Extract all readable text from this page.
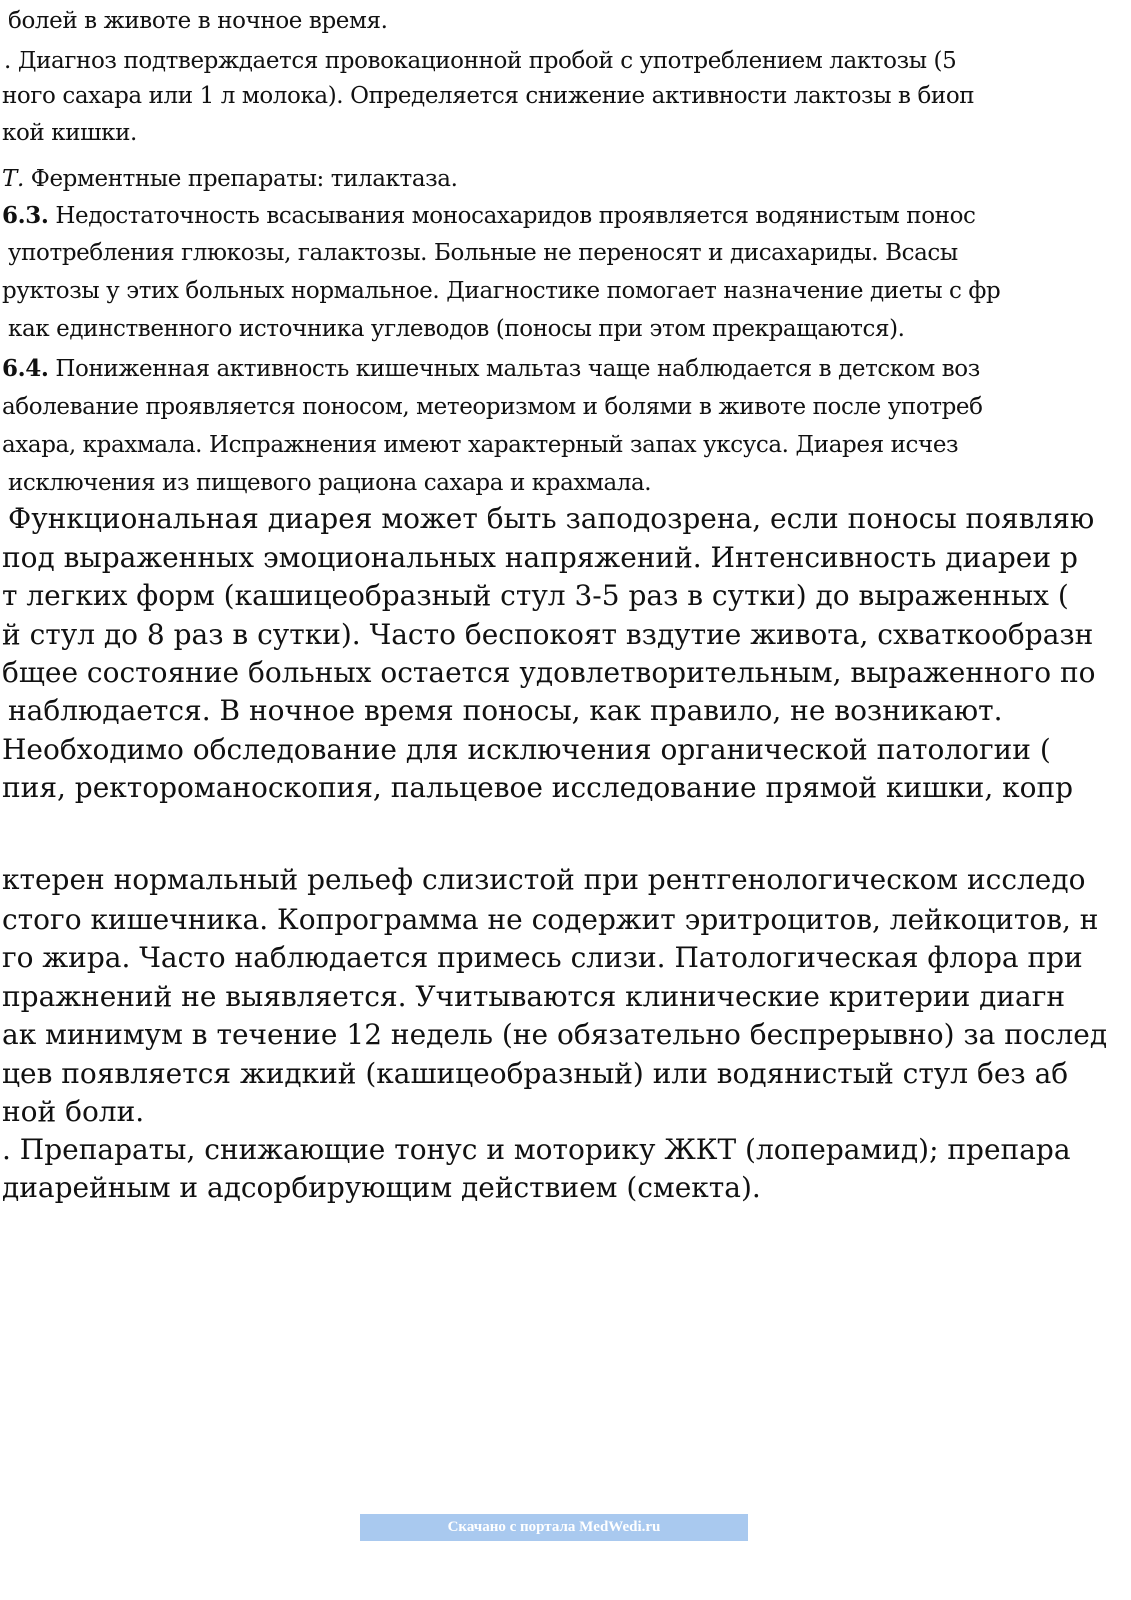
болей в животе в ночное время.
. Диагноз подтверждается провокационной пробой с употреблением лактозы (5
ного сахара или 1 л молока). Определяется снижение активности лактозы в биоп
кой кишки.
Т. Ферментные препараты: тилактаза.
6.3. Недостаточность всасывания моносахаридов проявляется водянистым понос
употребления глюкозы, галактозы. Больные не переносят и дисахариды. Всасы
руктозы у этих больных нормальное. Диагностике помогает назначение диеты с фр
как единственного источника углеводов (поносы при этом прекращаются).
6.4. Пониженная активность кишечных мальтаз чаще наблюдается в детском воз
аболевание проявляется поносом, метеоризмом и болями в животе после употреб
ахара, крахмала. Испражнения имеют характерный запах уксуса. Диарея исчез
исключения из пищевого рациона сахара и крахмала.
Функциональная диарея может быть заподозрена, если поносы появляю
под выраженных эмоциональных напряжений. Интенсивность диареи р
т легких форм (кашицеобразный стул 3-5 раз в сутки) до выраженных (
й стул до 8 раз в сутки). Часто беспокоят вздутие живота, схваткообразн
бщее состояние больных остается удовлетворительным, выраженного по
наблюдается. В ночное время поносы, как правило, не возникают.
Необходимо обследование для исключения органической патологии (
пия, ректороманоскопия, пальцевое исследование прямой кишки, копр
ктерен нормальный рельеф слизистой при рентгенологическом исследо
стого кишечника. Копрограмма не содержит эритроцитов, лейкоцитов, н
го жира. Часто наблюдается примесь слизи. Патологическая флора при
пражнений не выявляется. Учитываются клинические критерии диагн
ак минимум в течение 12 недель (не обязательно беспрерывно) за послед
цев появляется жидкий (кашицеобразный) или водянистый стул без аб
ной боли.
. Препараты, снижающие тонус и моторику ЖКТ (лоперамид); препара
диарейным и адсорбирующим действием (смекта).
Скачано с портала MedWedi.ru
